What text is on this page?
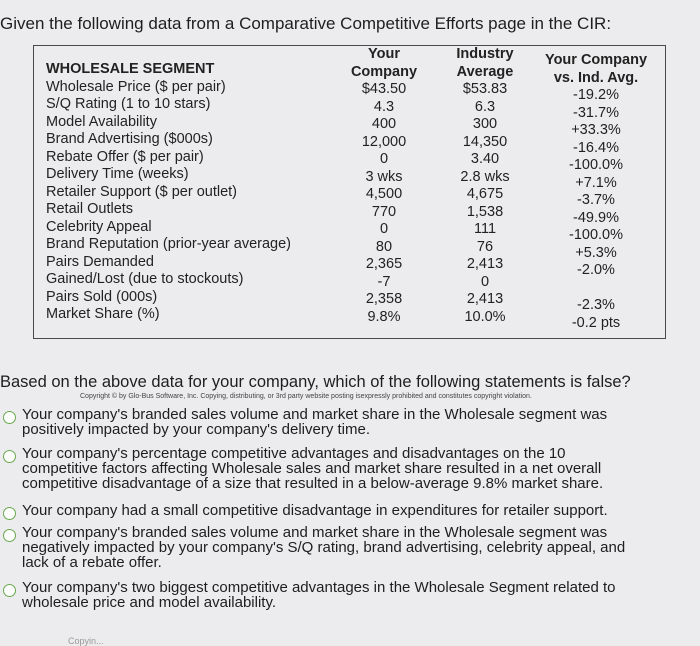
Given the following data from a Comparative Competitive Efforts page in the CIR:
WHOLESALE SEGMENT
Wholesale Price ($ per pair)
S/Q Rating (1 to 10 stars)
Model Availability
Brand Advertising ($000s)
Rebate Offer ($ per pair)
Delivery Time (weeks)
Retailer Support ($ per outlet)
Retail Outlets
Celebrity Appeal
Brand Reputation (prior-year average)
Pairs Demanded
Gained/Lost (due to stockouts)
Pairs Sold (000s)
Market Share (%)
Your
Company
$43.50
4.3
400
12,000
0
3 wks
4,500
770
0
80
2,365
-7
2,358
9.8%
Industry
Average
$53.83
6.3
300
14,350
3.40
2.8 wks
4,675
1,538
111
76
2,413
0
2,413
10.0%
Your Company
vs. Ind. Avg.
-19.2%
-31.7%
+33.3%
-16.4%
-100.0%
+7.1%
-3.7%
-49.9%
-100.0%
+5.3%
-2.0%

-2.3%
-0.2 pts
Based on the above data for your company, which of the following statements is false?
Copyright © by Glo-Bus Software, Inc. Copying, distributing, or 3rd party website posting isexpressly prohibited and constitutes copyright violation.
Your company's branded sales volume and market share in the Wholesale segment was
positively impacted by your company's delivery time.
Your company's percentage competitive advantages and disadvantages on the 10
competitive factors affecting Wholesale sales and market share resulted in a net overall
competitive disadvantage of a size that resulted in a below-average 9.8% market share.
Your company had a small competitive disadvantage in expenditures for retailer support.
Your company's branded sales volume and market share in the Wholesale segment was
negatively impacted by your company's S/Q rating, brand advertising, celebrity appeal, and
lack of a rebate offer.
Your company's two biggest competitive advantages in the Wholesale Segment related to
wholesale price and model availability.
Copyin...
